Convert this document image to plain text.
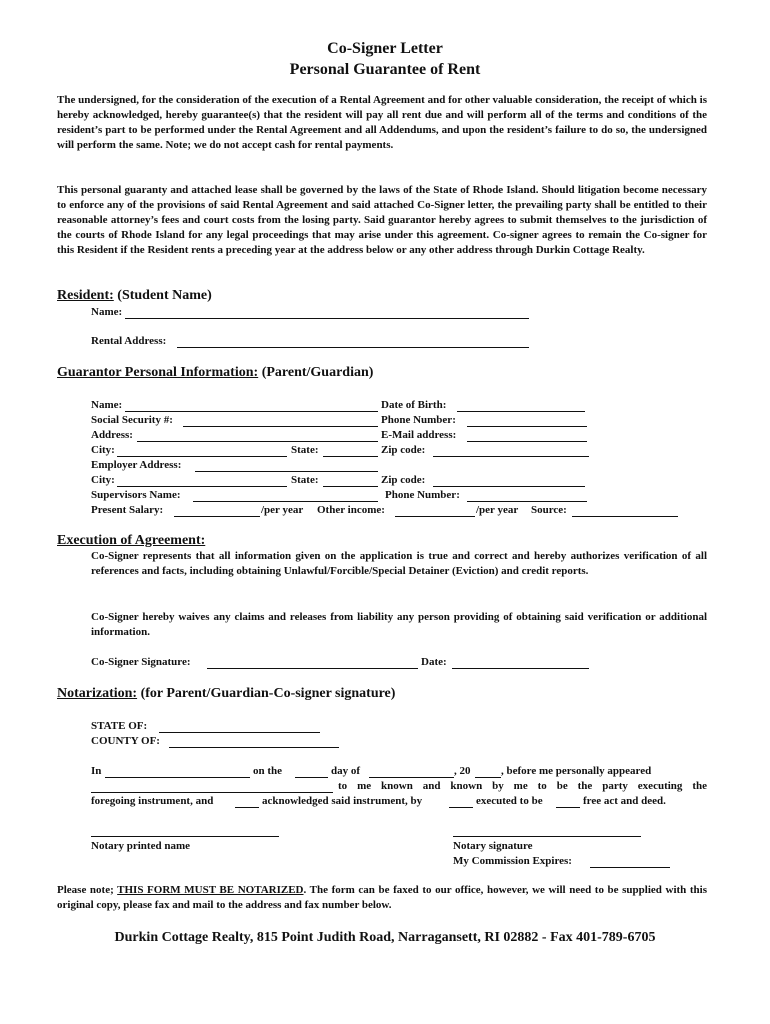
Co-Signer Letter
Personal Guarantee of Rent

The undersigned, for the consideration of the execution of a Rental Agreement and for other valuable consideration, the receipt of which is hereby acknowledged, hereby guarantee(s) that the resident will pay all rent due and will perform all of the terms and conditions of the resident’s part to be performed under the Rental Agreement and all Addendums, and upon the resident’s failure to do so, the undersigned will perform the same. Note; we do not accept cash for rental payments.

This personal guaranty and attached lease shall be governed by the laws of the State of Rhode Island. Should litigation become necessary to enforce any of the provisions of said Rental Agreement and said attached Co-Signer letter, the prevailing party shall be entitled to their reasonable attorney’s fees and court costs from the losing party. Said guarantor hereby agrees to submit themselves to the jurisdiction of the courts of Rhode Island for any legal proceedings that may arise under this agreement. Co-signer agrees to remain the Co-signer for this Resident if the Resident rents a preceding year at the address below or any other address through Durkin Cottage Realty.

Resident: (Student Name)
Name:
Rental Address:
Guarantor Personal Information: (Parent/Guardian)
Name:	Date of Birth:
Social Security #:	Phone Number:
Address:	E-Mail address:
City:	State:	Zip code:
Employer Address:
City:	State:	Zip code:
Supervisors Name:	Phone Number:
Present Salary:	/per year Other income:	/per year Source:
Execution of Agreement:

Co-Signer represents that all information given on the application is true and correct and hereby authorizes verification of all references and facts, including obtaining Unlawful/Forcible/Special Detainer (Eviction) and credit reports.

Co-Signer hereby waives any claims and releases from liability any person providing of obtaining said verification or additional information.

Co-Signer Signature:	Date:
Notarization: (for Parent/Guardian-Co-signer signature)
STATE OF:
COUNTY OF:
In	on the	day of	, 20	, before me personally appeared
to me known and known by me to be the party executing the
foregoing instrument, and	acknowledged said instrument, by	executed to be	free act and deed.
Notary printed name	Notary signature
My Commission Expires:

Please note; THIS FORM MUST BE NOTARIZED. The form can be faxed to our office, however, we will need to be supplied with this original copy, please fax and mail to the address and fax number below.

Durkin Cottage Realty, 815 Point Judith Road, Narragansett, RI 02882 - Fax 401-789-6705
